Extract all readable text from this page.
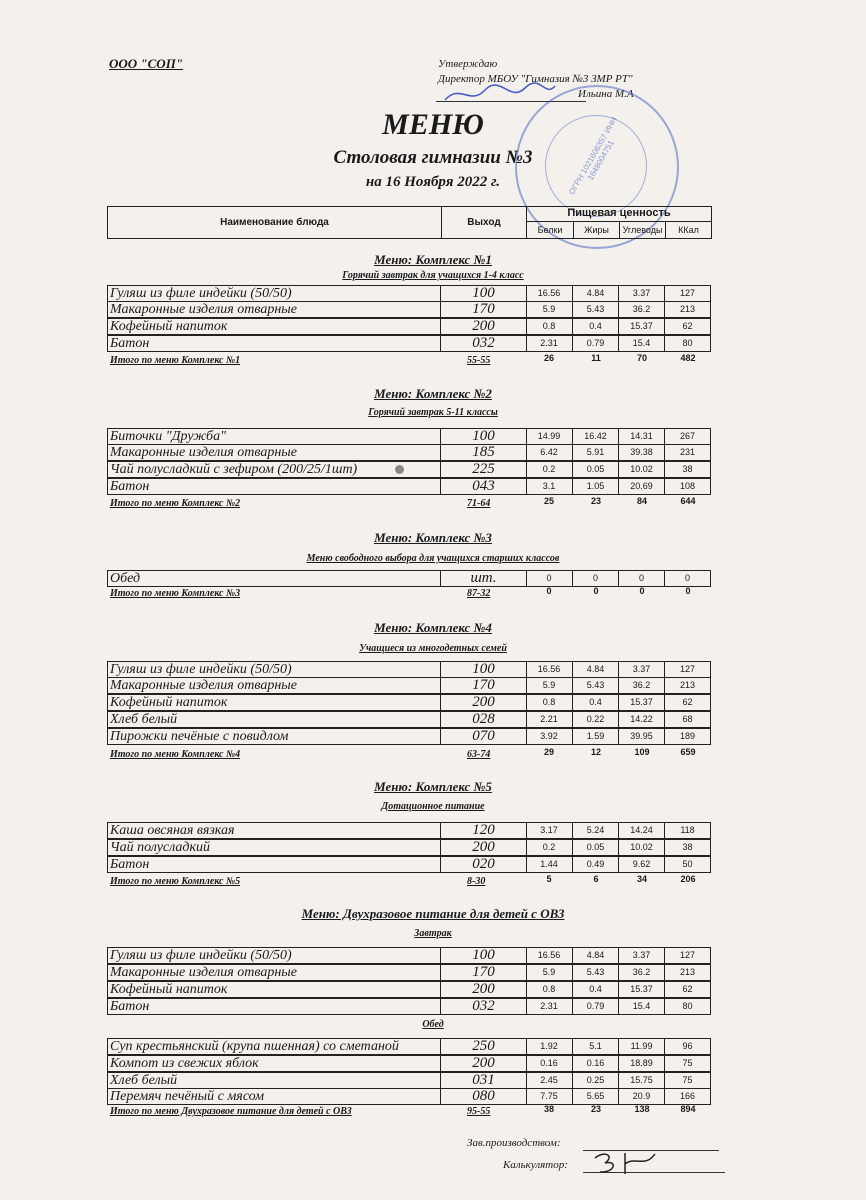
ООО "СОП"	Утверждаю
Директор МБОУ "Гимназия №3 ЗМР РТ"
Ильина М.А
ОГРН 1021606357 ИНН 1648004751
МЕНЮ
Столовая гимназии №3
на 16 Ноября 2022 г.
Наименование блюда	Выход
Пищевая ценность
Белки	Жиры	Углеводы	ККал
Меню: Комплекс №1
Горячий завтрак для учащихся 1-4 класс
Гуляш из филе индейки (50/50)	100	16.56	4.84	3.37	127
Макаронные изделия отварные	170	5.9	5.43	36.2	213
Кофейный напиток	200	0.8	0.4	15.37	62
Батон	032	2.31	0.79	15.4	80
Итого по меню Комплекс №1	55-55	26	11	70	482
Меню: Комплекс №2
Горячий завтрак 5-11 классы
Биточки "Дружба"	100	14.99	16.42	14.31	267
Макаронные изделия отварные	185	6.42	5.91	39.38	231
Чай полусладкий с зефиром (200/25/1шт)	225	0.2	0.05	10.02	38
Батон	043	3.1	1.05	20.69	108
Итого по меню Комплекс №2	71-64	25	23	84	644
Меню: Комплекс №3
Меню свободного выбора для учащихся старших классов
Обед	шт.	0	0	0	0
Итого по меню Комплекс №3	87-32	0	0	0	0
Меню: Комплекс №4
Учащиеся из многодетных семей
Гуляш из филе индейки (50/50)	100	16.56	4.84	3.37	127
Макаронные изделия отварные	170	5.9	5.43	36.2	213
Кофейный напиток	200	0.8	0.4	15.37	62
Хлеб белый	028	2.21	0.22	14.22	68
Пирожки печёные с повидлом	070	3.92	1.59	39.95	189
Итого по меню Комплекс №4	63-74	29	12	109	659
Меню: Комплекс №5
Дотационное питание
Каша овсяная вязкая	120	3.17	5.24	14.24	118
Чай полусладкий	200	0.2	0.05	10.02	38
Батон	020	1.44	0.49	9.62	50
Итого по меню Комплекс №5	8-30	5	6	34	206
Меню: Двухразовое питание для детей с ОВЗ
Завтрак
Гуляш из филе индейки (50/50)	100	16.56	4.84	3.37	127
Макаронные изделия отварные	170	5.9	5.43	36.2	213
Кофейный напиток	200	0.8	0.4	15.37	62
Батон	032	2.31	0.79	15.4	80
Обед
Суп крестьянский (крупа пшенная) со сметаной	250	1.92	5.1	11.99	96
Компот из свежих яблок	200	0.16	0.16	18.89	75
Хлеб белый	031	2.45	0.25	15.75	75
Перемяч печёный с мясом	080	7.75	5.65	20.9	166
Итого по меню Двухразовое питание для детей с ОВЗ	95-55	38	23	138	894
Зав.производством:
Калькулятор:
